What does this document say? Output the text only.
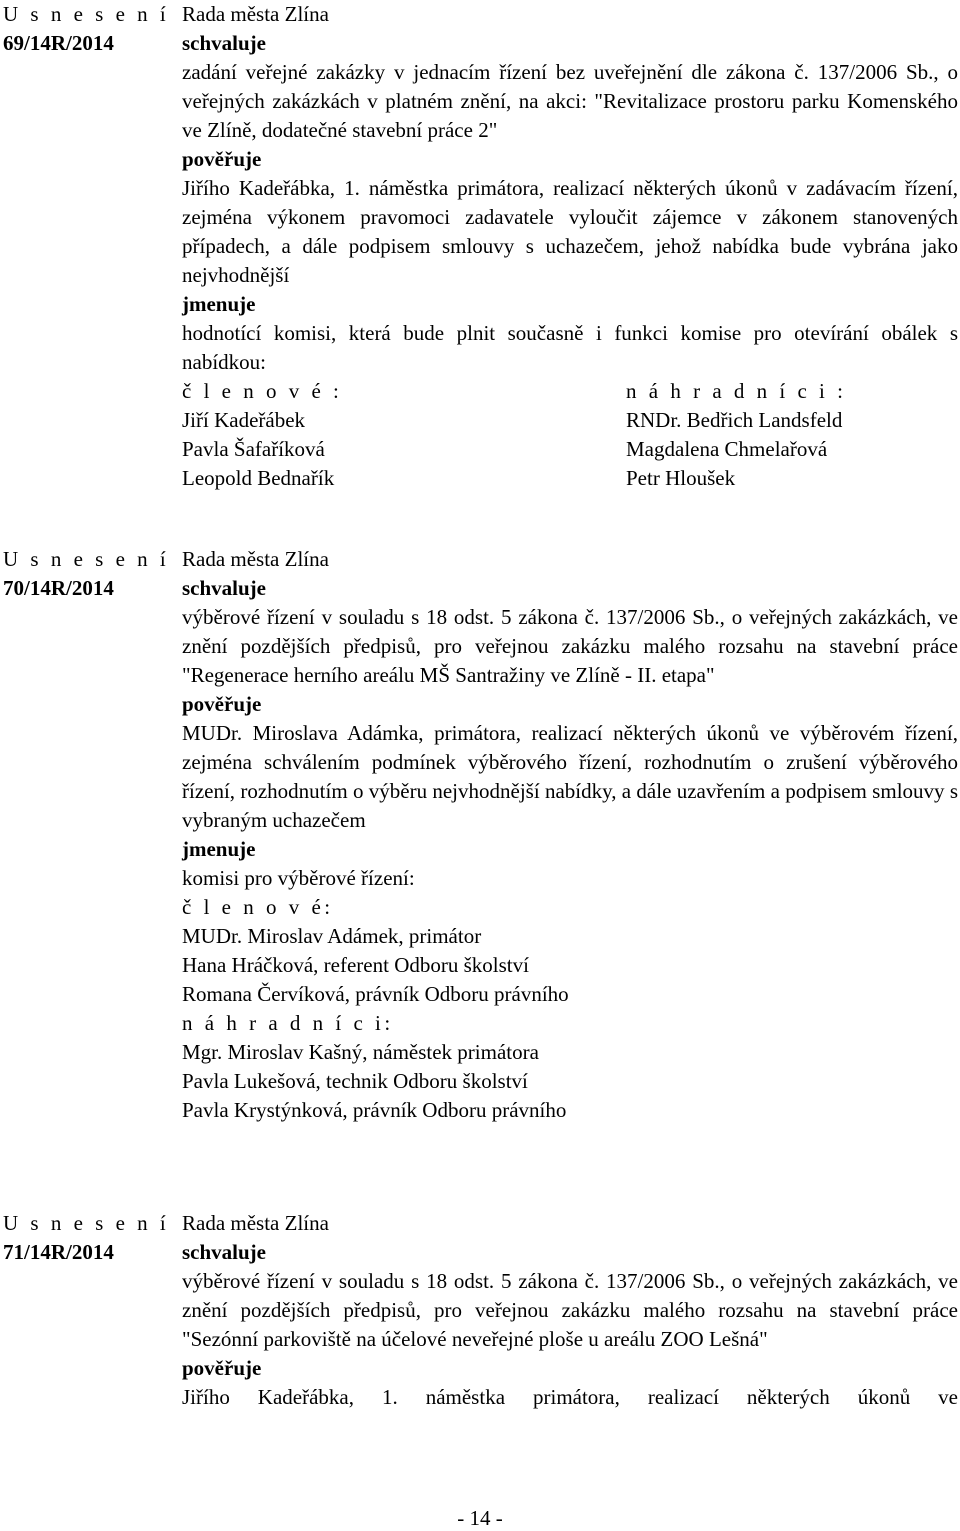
U s n e s e n í
69/14R/2014

Rada města Zlína

schvaluje

zadání veřejné zakázky v jednacím řízení bez uveřejnění dle zákona č. 137/2006 Sb., o veřejných zakázkách v platném znění, na akci: "Revitalizace prostoru parku Komenského ve Zlíně, dodatečné stavební práce 2"

pověřuje

Jiřího Kadeřábka, 1. náměstka primátora, realizací některých úkonů v zadávacím řízení, zejména výkonem pravomoci zadavatele vyloučit zájemce v zákonem stanovených případech, a dále podpisem smlouvy s uchazečem, jehož nabídka bude vybrána jako nejvhodnější

jmenuje

hodnotící komisi, která bude plnit současně i funkci komise pro otevírání obálek s nabídkou:

č l e n o v é :	n á h r a d n í c i :
Jiří Kadeřábek	RNDr. Bedřich Landsfeld
Pavla Šafaříková	Magdalena Chmelařová
Leopold Bednařík	Petr Hloušek
U s n e s e n í
70/14R/2014

Rada města Zlína

schvaluje

výběrové řízení v souladu s 18 odst. 5 zákona č. 137/2006 Sb., o veřejných zakázkách, ve znění pozdějších předpisů, pro veřejnou zakázku malého rozsahu na stavební práce "Regenerace herního areálu MŠ Santražiny ve Zlíně - II. etapa"

pověřuje

MUDr. Miroslava Adámka, primátora, realizací některých úkonů ve výběrovém řízení, zejména schválením podmínek výběrového řízení, rozhodnutím o zrušení výběrového řízení, rozhodnutím o výběru nejvhodnější nabídky, a dále uzavřením a podpisem smlouvy s vybraným uchazečem

jmenuje

komisi pro výběrové řízení:

č l e n o v é:

MUDr. Miroslav Adámek, primátor

Hana Hráčková, referent Odboru školství

Romana Červíková, právník Odboru právního

n á h r a d n í c i:

Mgr. Miroslav Kašný, náměstek primátora

Pavla Lukešová, technik Odboru školství

Pavla Krystýnková, právník Odboru právního

U s n e s e n í
71/14R/2014

Rada města Zlína

schvaluje

výběrové řízení v souladu s 18 odst. 5 zákona č. 137/2006 Sb., o veřejných zakázkách, ve znění pozdějších předpisů, pro veřejnou zakázku malého rozsahu na stavební práce "Sezónní parkoviště na účelové neveřejné ploše u areálu ZOO Lešná"

pověřuje

Jiřího Kadeřábka, 1. náměstka primátora, realizací některých úkonů ve

- 14 -
